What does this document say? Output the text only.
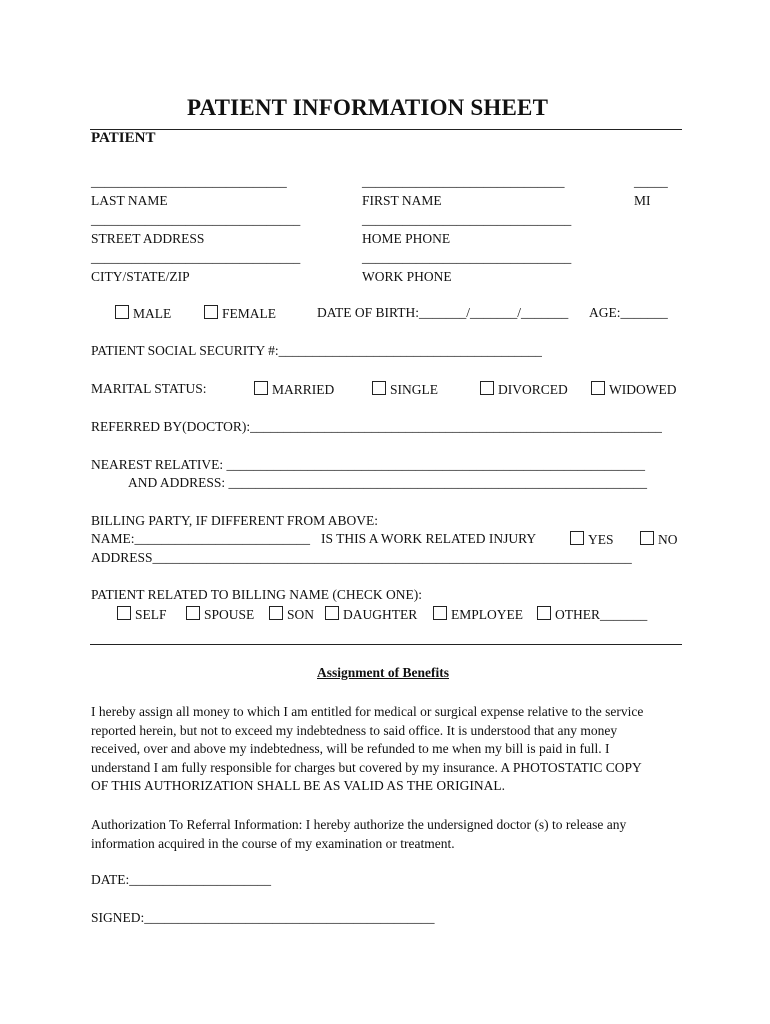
PATIENT INFORMATION SHEET
PATIENT
_____________________________	______________________________	_____
LAST NAME	FIRST NAME	MI
_______________________________	_______________________________
STREET ADDRESS	HOME PHONE
_______________________________	_______________________________
CITY/STATE/ZIP	WORK PHONE
MALE	FEMALE	DATE OF BIRTH:_______/_______/_______ AGE:_______
PATIENT SOCIAL SECURITY #:_______________________________________
MARITAL STATUS:	MARRIED	SINGLE	DIVORCED	WIDOWED
REFERRED BY(DOCTOR):_____________________________________________________________
NEAREST RELATIVE: ______________________________________________________________
AND ADDRESS: ______________________________________________________________
BILLING PARTY, IF DIFFERENT FROM ABOVE:
NAME:__________________________ IS THIS A WORK RELATED INJURY	YES	NO
ADDRESS_______________________________________________________________________
PATIENT RELATED TO BILLING NAME (CHECK ONE):
SELF	SPOUSE	SON	DAUGHTER	EMPLOYEE	OTHER_______
Assignment of Benefits
I hereby assign all money to which I am entitled for medical or surgical expense relative to the service
reported herein, but not to exceed my indebtedness to said office. It is understood that any money
received, over and above my indebtedness, will be refunded to me when my bill is paid in full. I
understand I am fully responsible for charges but covered by my insurance. A PHOTOSTATIC COPY
OF THIS AUTHORIZATION SHALL BE AS VALID AS THE ORIGINAL.
Authorization To Referral Information: I hereby authorize the undersigned doctor (s) to release any
information acquired in the course of my examination or treatment.
DATE:_____________________
SIGNED:___________________________________________
